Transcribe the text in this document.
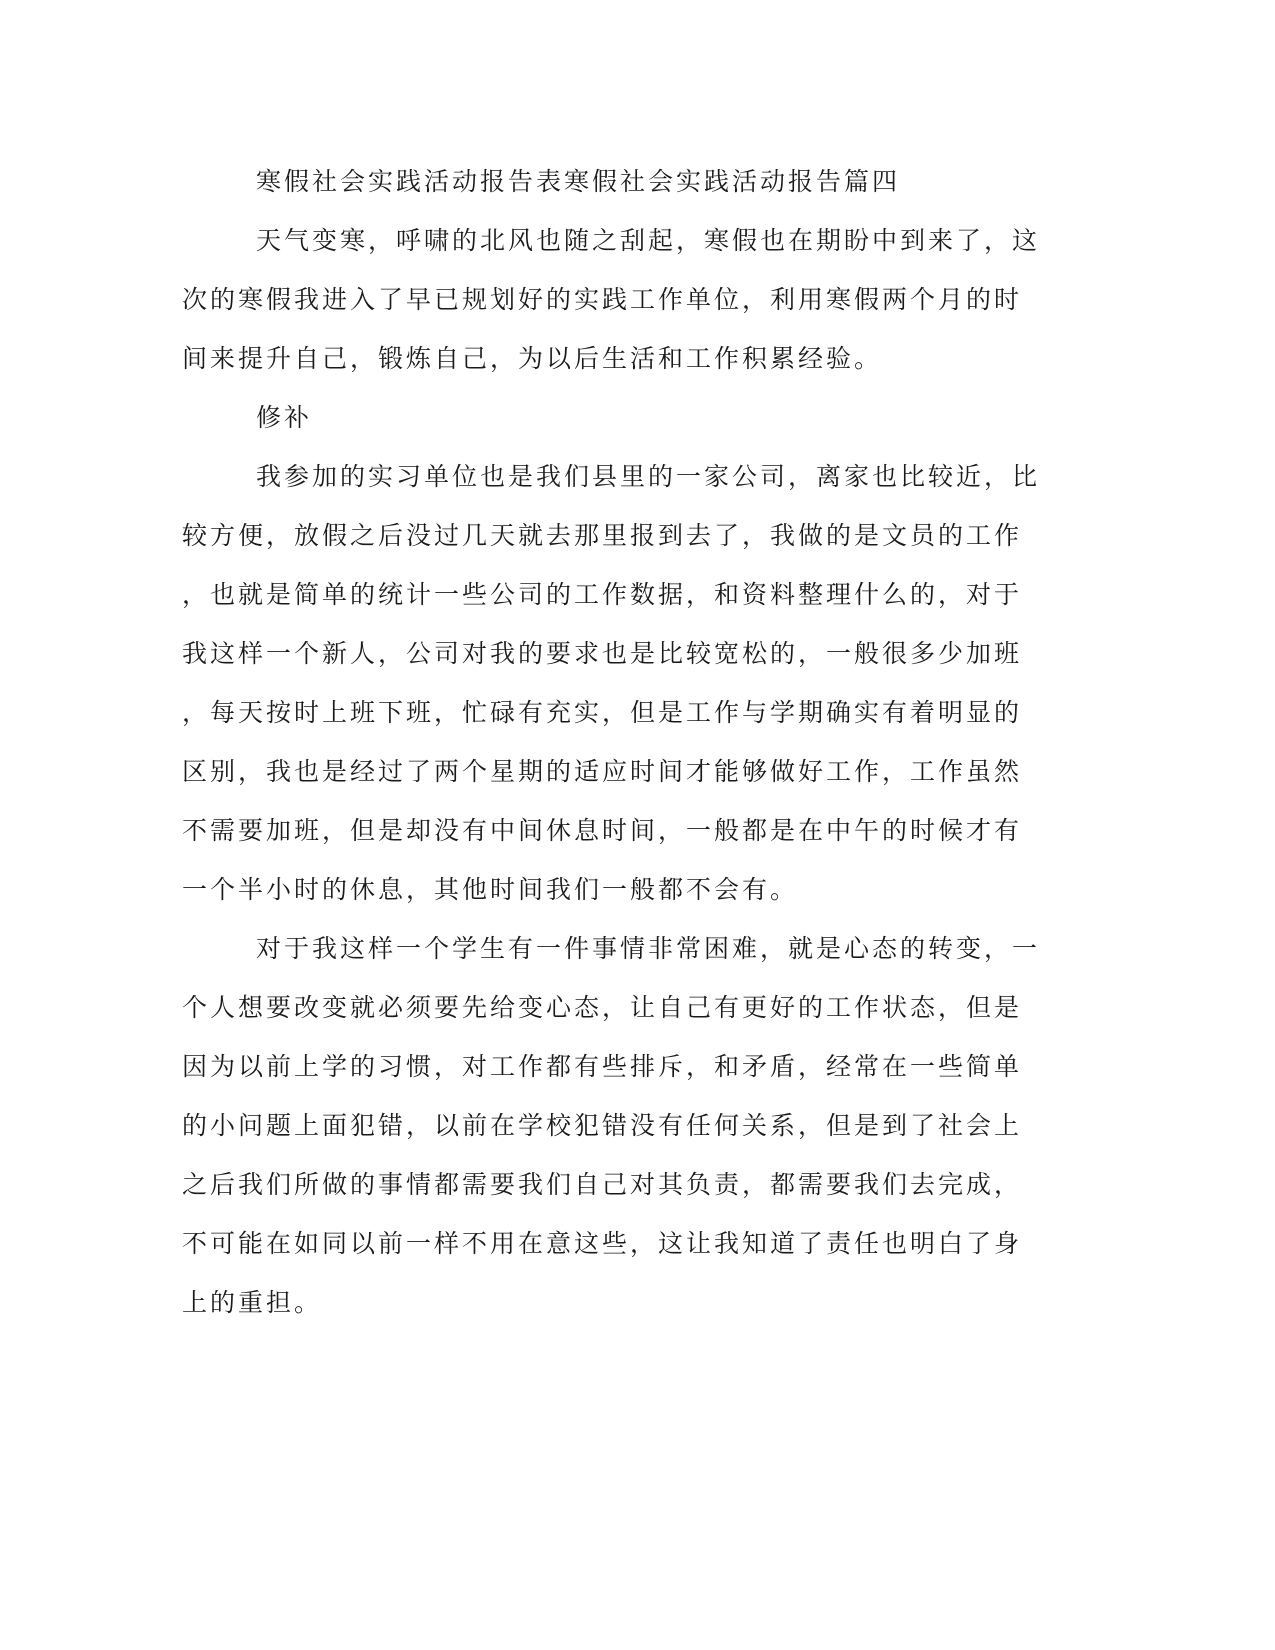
寒假社会实践活动报告表寒假社会实践活动报告篇四
天气变寒，呼啸的北风也随之刮起，寒假也在期盼中到来了，这
次的寒假我进入了早已规划好的实践工作单位，利用寒假两个月的时
间来提升自己，锻炼自己，为以后生活和工作积累经验。
修补
我参加的实习单位也是我们县里的一家公司，离家也比较近，比
较方便，放假之后没过几天就去那里报到去了，我做的是文员的工作
，也就是简单的统计一些公司的工作数据，和资料整理什么的，对于
我这样一个新人，公司对我的要求也是比较宽松的，一般很多少加班
，每天按时上班下班，忙碌有充实，但是工作与学期确实有着明显的
区别，我也是经过了两个星期的适应时间才能够做好工作，工作虽然
不需要加班，但是却没有中间休息时间，一般都是在中午的时候才有
一个半小时的休息，其他时间我们一般都不会有。
对于我这样一个学生有一件事情非常困难，就是心态的转变，一
个人想要改变就必须要先给变心态，让自己有更好的工作状态，但是
因为以前上学的习惯，对工作都有些排斥，和矛盾，经常在一些简单
的小问题上面犯错，以前在学校犯错没有任何关系，但是到了社会上
之后我们所做的事情都需要我们自己对其负责，都需要我们去完成，
不可能在如同以前一样不用在意这些，这让我知道了责任也明白了身
上的重担。
